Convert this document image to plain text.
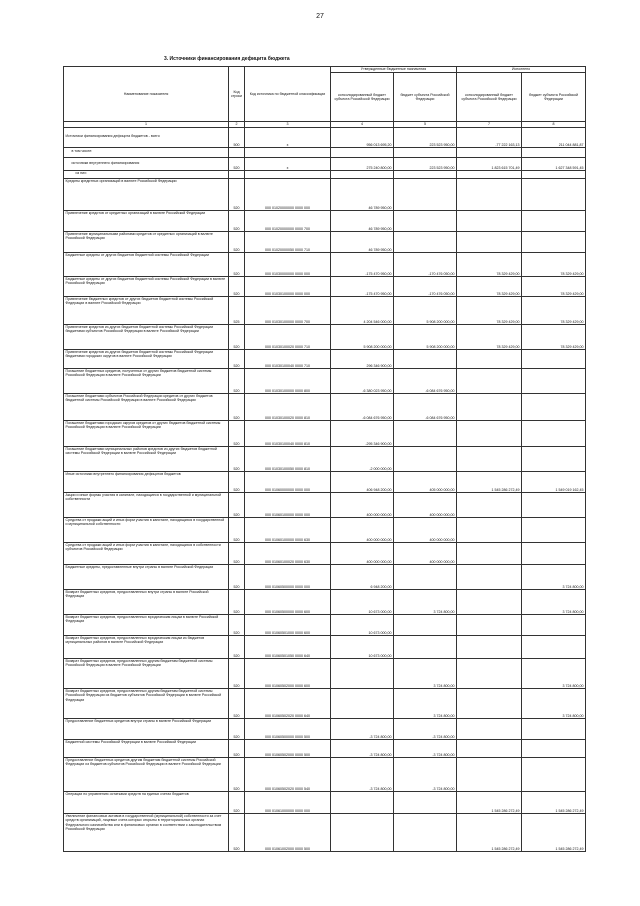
27
3. Источники финансирования дефицита бюджета
Наименование показателя	Код строки	Код источника по бюджетной классификации	Утвержденные бюджетные назначения		Исполнено	
			консолидированный бюджет субъекта Российской Федерации	бюджет субъекта Российской Федерации	консолидированный бюджет субъекта Российской Федерации	бюджет субъекта Российской Федерации
1	2	3	4	5	7	8

Источники финансирования дефицита бюджетов - всего	500	x	956 013 695,20	223 523 950,00	-77 222 163,13	211 044 881,87

в том числе:						

источники внутреннего финансирования	520	x	275 240 800,00	223 523 950,00	1 823 615 701,49	1 627 348 591,45

из них:						

Кредиты кредитных организаций в валюте Российской Федерации	520	000 01020000000 0000 000	46 789 950,00			

Привлечение кредитов от кредитных организаций в валюте Российской Федерации	520	000 01020000000 0000 700	46 789 950,00			

Привлечение муниципальными районами кредитов от кредитных организаций в валюте Российской Федерации	520	000 01020000050 0000 710	46 789 950,00			

Бюджетные кредиты от других бюджетов бюджетной системы Российской Федерации	520	000 01030000000 0000 000	-175 470 950,00	-170 476 050,00	78 329 429,00	78 329 429,00

Бюджетные кредиты от других бюджетов бюджетной системы Российской Федерации в валюте Российской Федерации	520	000 01030100000 0000 000	-175 470 950,00	-170 476 050,00	78 329 429,00	78 329 429,00

Привлечение бюджетных кредитов от других бюджетов бюджетной системы Российской Федерации в валюте Российской Федерации	525	000 01030100000 0000 700	4 204 546 000,00	5 908 200 000,00	78 329 429,00	78 329 429,00

Привлечение кредитов из других бюджетов бюджетной системы Российской Федерации бюджетами субъектов Российской Федерации в валюте Российской Федерации	520	000 01030100020 0000 710	5 908 200 000,00	5 908 200 000,00	78 329 429,00	78 329 429,00

Привлечение кредитов из других бюджетов бюджетной системы Российской Федерации бюджетами городских округов в валюте Российской Федерации	520	000 01030100040 0000 710	296 346 900,00			

Погашение бюджетных кредитов, полученных от других бюджетов бюджетной системы Российской Федерации в валюте Российской Федерации	520	000 01030100000 0000 800	-6 380 023 950,00	-6 084 676 950,00		

Погашение бюджетами субъектов Российской Федерации кредитов от других бюджетов бюджетной системы Российской Федерации в валюте Российской Федерации	520	000 01030100020 0000 810	-6 084 676 950,00	-6 084 676 950,00		

Погашение бюджетами городских округов кредитов от других бюджетов бюджетной системы Российской Федерации в валюте Российской Федерации	520	000 01030100040 0000 810	-295 346 900,00			

Погашение бюджетами муниципальных районов кредитов из других бюджетов бюджетной системы Российской Федерации в валюте Российской Федерации	520	000 01030100050 0000 810	-2 000 000,00			

Иные источники внутреннего финансирования дефицитов бюджетов	520	000 01060000000 0000 000	406 948 200,00	405 000 000,00	1 545 286 272,49	1 549 019 162,45

Акции и иные формы участия в капитале, находящиеся в государственной и муниципальной собственности	520	000 01060100000 0000 000	400 000 000,00	400 000 000,00		

Средства от продажи акций и иных форм участия в капитале, находящихся в государственной и муниципальной собственности	520	000 01060100000 0000 630	400 000 000,00	400 000 000,00		

Средства от продажи акций и иных форм участия в капитале, находящихся в собственности субъектов Российской Федерации	520	000 01060100020 0000 630	400 000 000,00	400 000 000,00		

Бюджетные кредиты, предоставленные внутри страны в валюте Российской Федерации	520	000 01060500000 0000 000	6 948 200,00			3 724 800,00

Возврат бюджетных кредитов, предоставленных внутри страны в валюте Российской Федерации	520	000 01060500000 0000 600	10 673 000,00	3 724 800,00		3 724 800,00

Возврат бюджетных кредитов, предоставленных юридическим лицам в валюте Российской Федерации	520	000 01060501000 0000 600	10 673 000,00			

Возврат бюджетных кредитов, предоставленных юридическим лицам из бюджетов муниципальных районов в валюте Российской Федерации	520	000 01060501050 0000 640	10 673 000,00			

Возврат бюджетных кредитов, предоставленных другим бюджетам бюджетной системы Российской Федерации в валюте Российской Федерации	520	000 01060502000 0000 600		3 724 800,00		3 724 800,00

Возврат бюджетных кредитов, предоставленных другим бюджетам бюджетной системы Российской Федерации из бюджетов субъектов Российской Федерации в валюте Российской Федерации	520	000 01060502020 0000 640		3 724 800,00		3 724 800,00

Предоставление бюджетных кредитов внутри страны в валюте Российской Федерации	520	000 01060500000 0000 500	-3 724 800,00	-3 724 800,00		

Бюджетной системы Российской Федерации в валюте Российской Федерации	520	000 01060502000 0000 500	-3 724 800,00	-3 724 800,00		

Предоставление бюджетных кредитов другим бюджетам бюджетной системы Российской Федерации из бюджетов субъектов Российской Федерации в валюте Российской Федерации	520	000 01060502020 0000 540	-3 724 800,00	-3 724 800,00		

Операции по управлению остатками средств на единых счетах бюджетов	520	000 01061000000 0000 000			1 545 286 272,49	1 545 286 272,49

Увеличение финансовых активов в государственной (муниципальной) собственности за счет средств организаций, лицевые счета которых открыты в территориальных органах Федерального казначейства или в финансовых органах в соответствии с законодательством Российской Федерации	520	000 01061002000 0000 500			1 545 286 272,49	1 545 286 272,49
